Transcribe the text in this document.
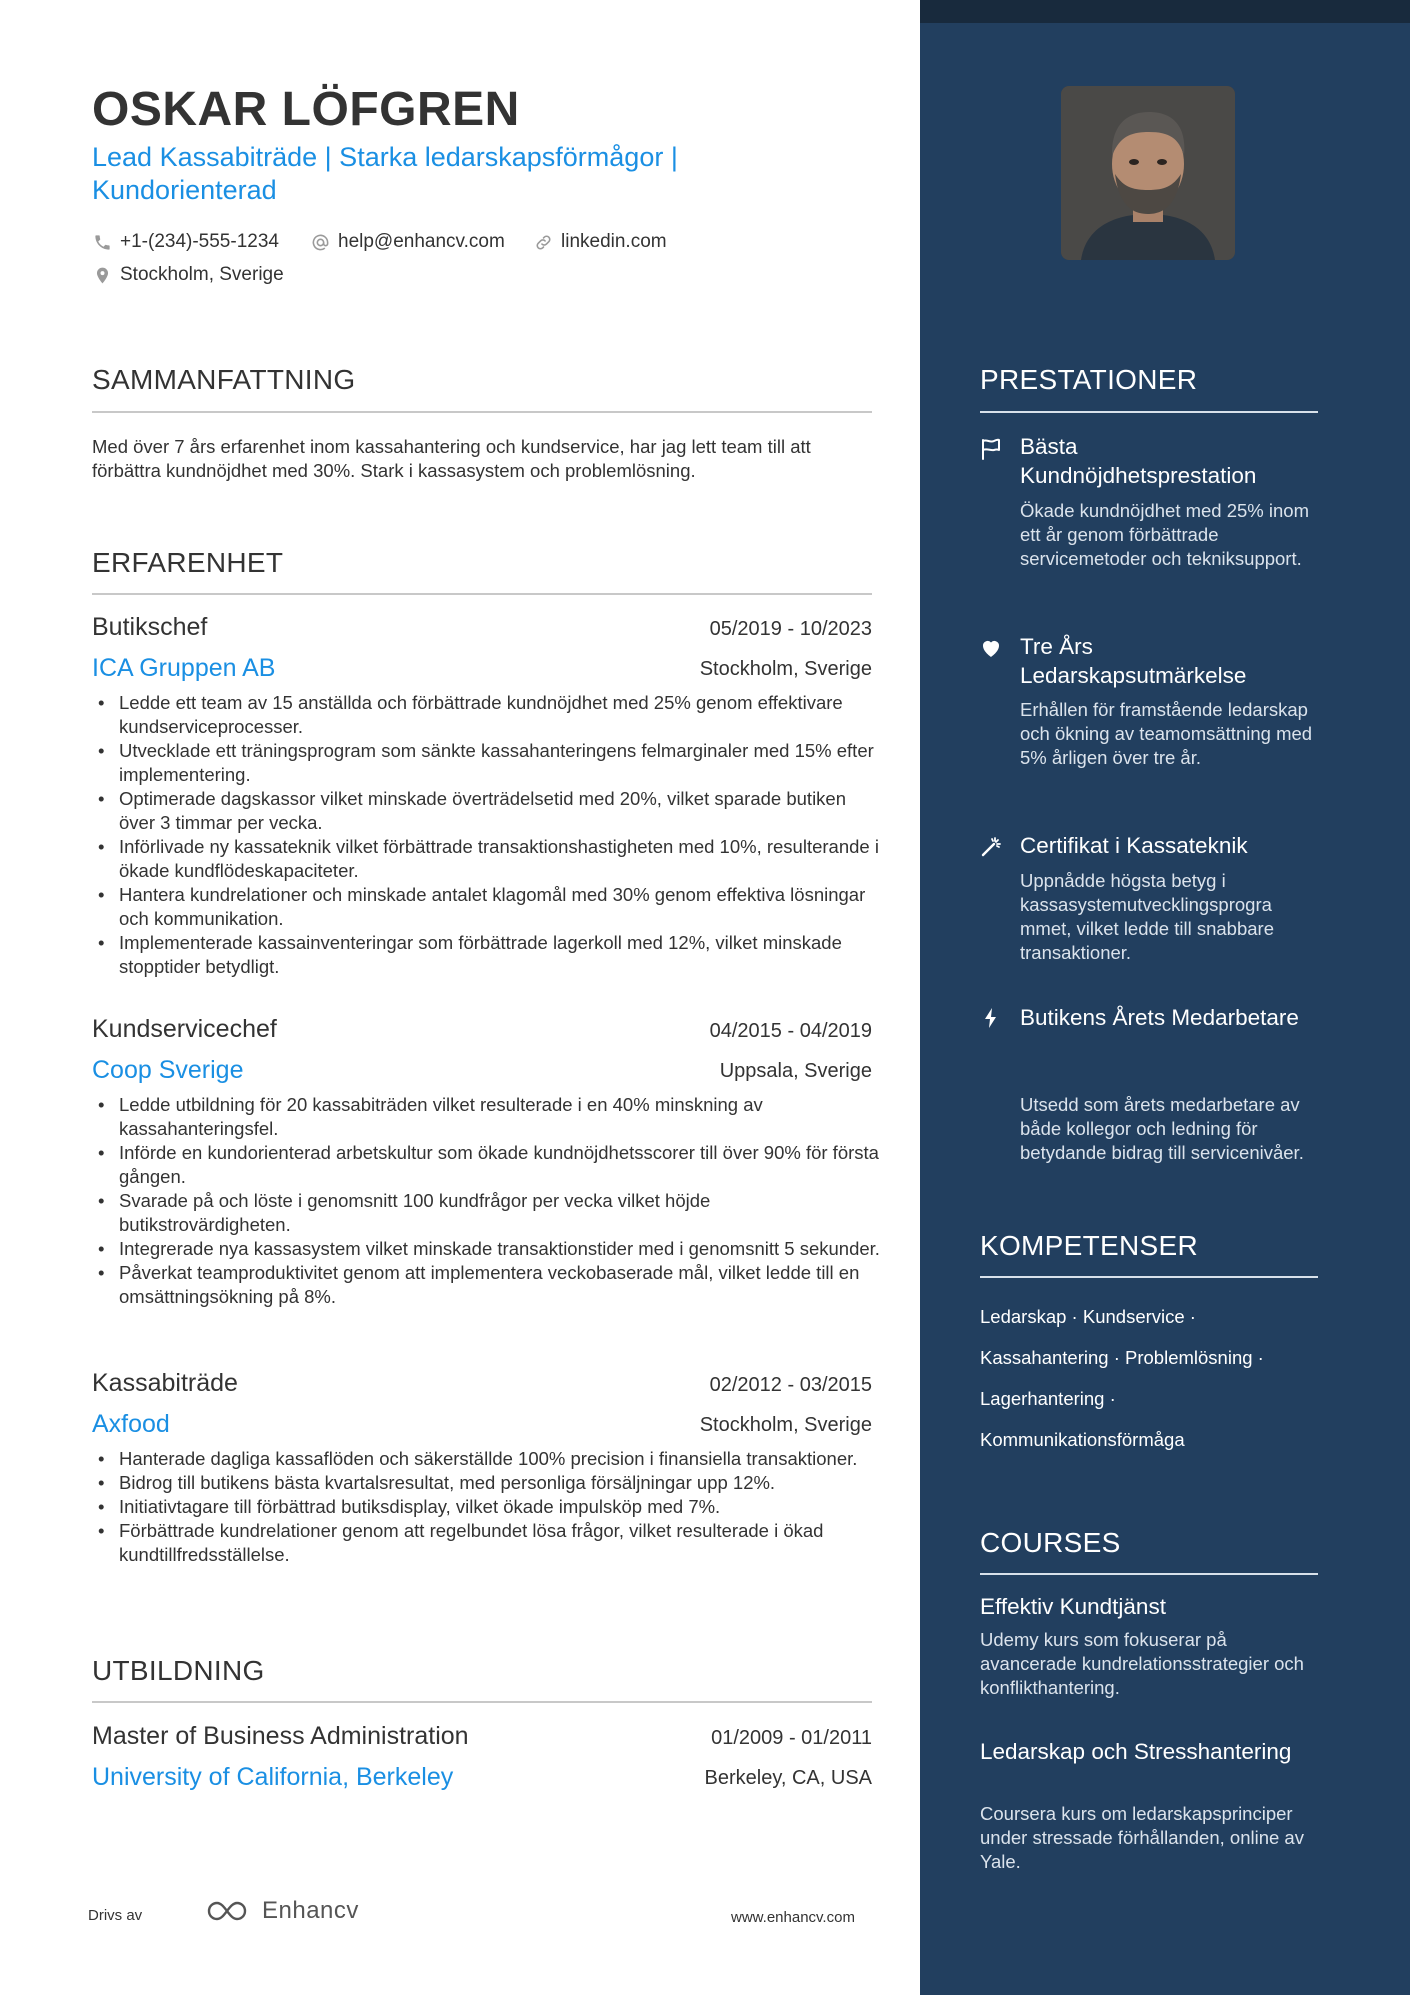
OSKAR LÖFGREN
Lead Kassabiträde | Starka ledarskapsförmågor | Kundorienterad
+1-(234)-555-1234	help@enhancv.com	linkedin.com
Stockholm, Sverige
SAMMANFATTNING
Med över 7 års erfarenhet inom kassahantering och kundservice, har jag lett team till att förbättra kundnöjdhet med 30%. Stark i kassasystem och problemlösning.
ERFARENHET
Butikschef	05/2019 - 10/2023
ICA Gruppen AB	Stockholm, Sverige
• Ledde ett team av 15 anställda och förbättrade kundnöjdhet med 25% genom effektivare kundserviceprocesser.
• Utvecklade ett träningsprogram som sänkte kassahanteringens felmarginaler med 15% efter implementering.
• Optimerade dagskassor vilket minskade överträdelsetid med 20%, vilket sparade butiken över 3 timmar per vecka.
• Införlivade ny kassateknik vilket förbättrade transaktionshastigheten med 10%, resulterande i ökade kundflödeskapaciteter.
• Hantera kundrelationer och minskade antalet klagomål med 30% genom effektiva lösningar och kommunikation.
• Implementerade kassainventeringar som förbättrade lagerkoll med 12%, vilket minskade stopptider betydligt.
Kundservicechef	04/2015 - 04/2019
Coop Sverige	Uppsala, Sverige
• Ledde utbildning för 20 kassabiträden vilket resulterade i en 40% minskning av kassahanteringsfel.
• Införde en kundorienterad arbetskultur som ökade kundnöjdhetsscorer till över 90% för första gången.
• Svarade på och löste i genomsnitt 100 kundfrågor per vecka vilket höjde butikstrovärdigheten.
• Integrerade nya kassasystem vilket minskade transaktionstider med i genomsnitt 5 sekunder.
• Påverkat teamproduktivitet genom att implementera veckobaserade mål, vilket ledde till en omsättningsökning på 8%.
Kassabiträde	02/2012 - 03/2015
Axfood	Stockholm, Sverige
• Hanterade dagliga kassaflöden och säkerställde 100% precision i finansiella transaktioner.
• Bidrog till butikens bästa kvartalsresultat, med personliga försäljningar upp 12%.
• Initiativtagare till förbättrad butiksdisplay, vilket ökade impulsköp med 7%.
• Förbättrade kundrelationer genom att regelbundet lösa frågor, vilket resulterade i ökad kundtillfredsställelse.
UTBILDNING
Master of Business Administration	01/2009 - 01/2011
University of California, Berkeley	Berkeley, CA, USA
PRESTATIONER
Bästa Kundnöjdhetsprestation
Ökade kundnöjdhet med 25% inom ett år genom förbättrade servicemetoder och tekniksupport.
Tre Års Ledarskapsutmärkelse
Erhållen för framstående ledarskap och ökning av teamomsättning med 5% årligen över tre år.
Certifikat i Kassateknik
Uppnådde högsta betyg i kassasystemutvecklingsprogra mmet, vilket ledde till snabbare transaktioner.
Butikens Årets Medarbetare
Utsedd som årets medarbetare av både kollegor och ledning för betydande bidrag till servicenivåer.
KOMPETENSER
Ledarskap · Kundservice ·
Kassahantering · Problemlösning ·
Lagerhantering ·
Kommunikationsförmåga
COURSES
Effektiv Kundtjänst
Udemy kurs som fokuserar på avancerade kundrelationsstrategier och konflikthantering.
Ledarskap och Stresshantering
Coursera kurs om ledarskapsprinciper under stressade förhållanden, online av Yale.
Drivs av	Enhancv	www.enhancv.com
